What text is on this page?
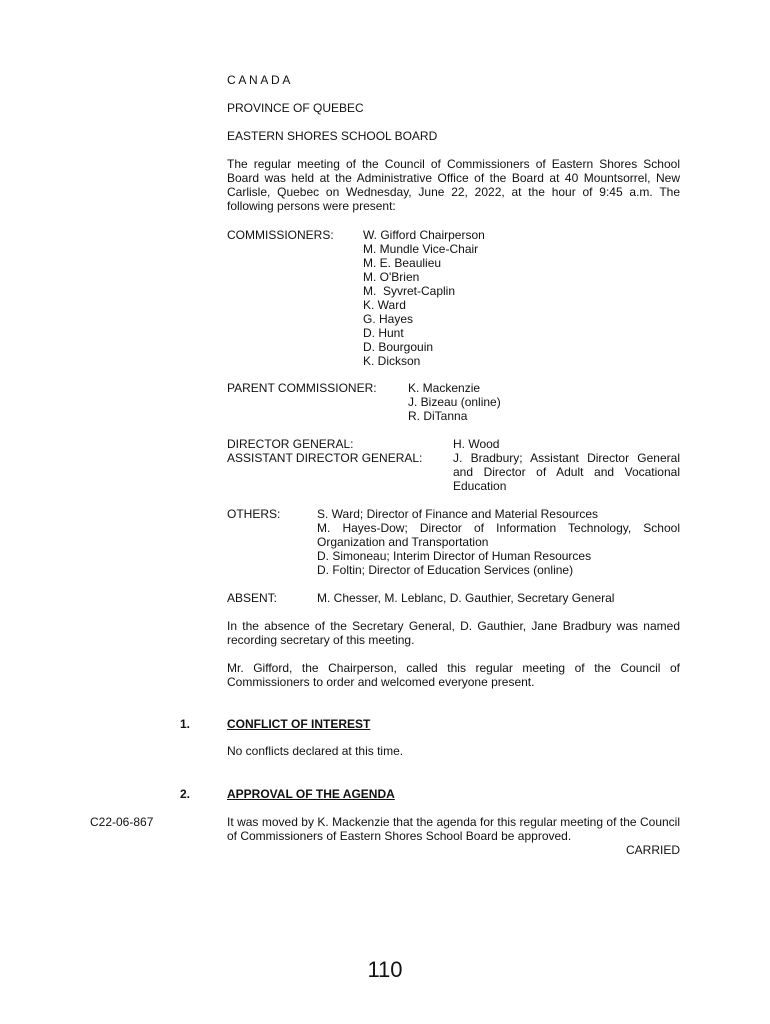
C A N A D A
PROVINCE OF QUEBEC
EASTERN SHORES SCHOOL BOARD
The regular meeting of the Council of Commissioners of Eastern Shores School Board was held at the Administrative Office of the Board at 40 Mountsorrel, New Carlisle, Quebec on Wednesday, June 22, 2022, at the hour of 9:45 a.m. The following persons were present:
COMMISSIONERS: W. Gifford Chairperson
M. Mundle Vice-Chair
M. E. Beaulieu
M. O'Brien
M.  Syvret-Caplin
K. Ward
G. Hayes
D. Hunt
D. Bourgouin
K. Dickson
PARENT COMMISSIONER:	K. Mackenzie
J. Bizeau (online)
R. DiTanna
DIRECTOR GENERAL:	H. Wood
ASSISTANT DIRECTOR GENERAL:	J. Bradbury; Assistant Director General and Director of Adult and Vocational Education
OTHERS:	S. Ward; Director of Finance and Material Resources
M. Hayes-Dow; Director of Information Technology, School Organization and Transportation
D. Simoneau; Interim Director of Human Resources
D. Foltin; Director of Education Services (online)
ABSENT:	M. Chesser, M. Leblanc, D. Gauthier, Secretary General
In the absence of the Secretary General, D. Gauthier, Jane Bradbury was named recording secretary of this meeting.
Mr. Gifford, the Chairperson, called this regular meeting of the Council of Commissioners to order and welcomed everyone present.
1.	CONFLICT OF INTEREST
No conflicts declared at this time.
2.	APPROVAL OF THE AGENDA
C22-06-867	It was moved by K. Mackenzie that the agenda for this regular meeting of the Council of Commissioners of Eastern Shores School Board be approved.
CARRIED
110
